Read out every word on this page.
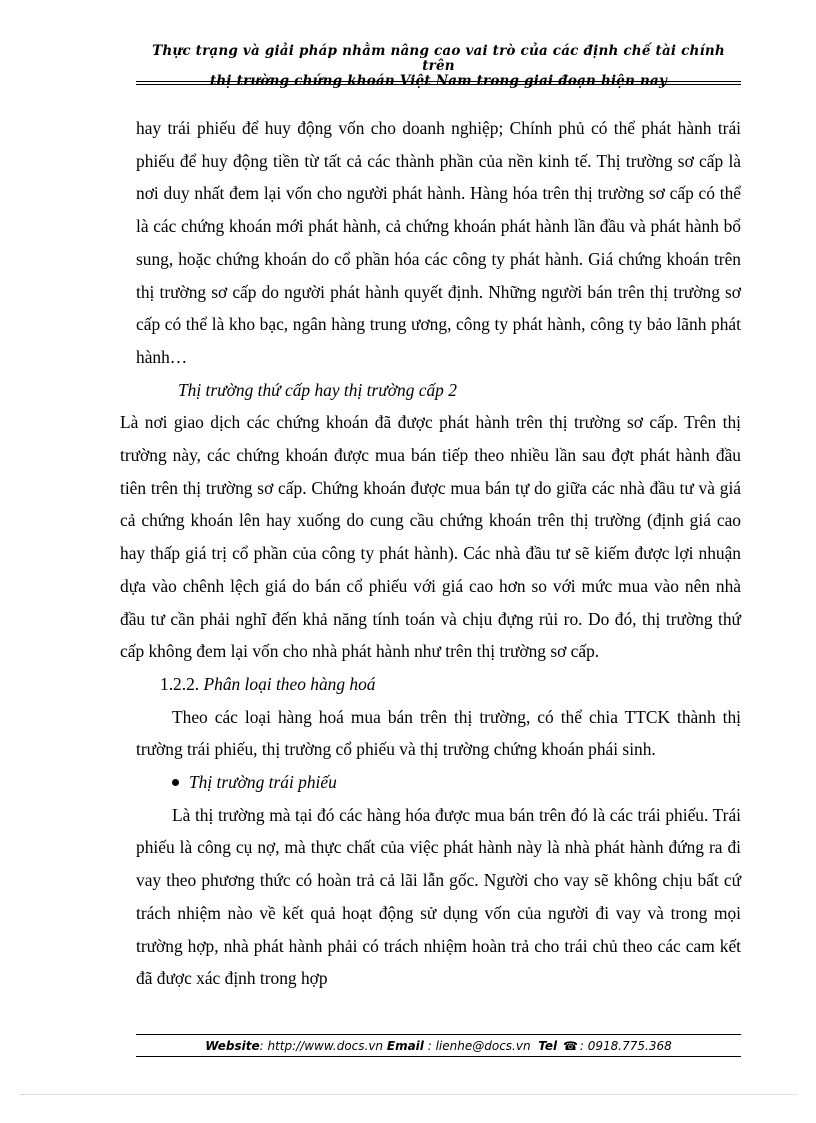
Thực trạng và giải pháp nhằm nâng cao vai trò của các định chế tài chính trên
thị trường chứng khoán Việt Nam trong giai đoạn hiện nay

hay trái phiếu để huy động vốn cho doanh nghiệp; Chính phủ có thể phát hành trái phiếu để huy động tiền từ tất cả các thành phần của nền kinh tế. Thị trường sơ cấp là nơi duy nhất đem lại vốn cho người phát hành. Hàng hóa trên thị trường sơ cấp có thể là các chứng khoán mới phát hành, cả chứng khoán phát hành lần đầu và phát hành bổ sung, hoặc chứng khoán do cổ phần hóa các công ty phát hành. Giá chứng khoán trên thị trường sơ cấp do người phát hành quyết định. Những người bán trên thị trường sơ cấp có thể là kho bạc, ngân hàng trung ương, công ty phát hành, công ty bảo lãnh phát hành…

Thị trường thứ cấp hay thị trường cấp 2

Là nơi giao dịch các chứng khoán đã được phát hành trên thị trường sơ cấp. Trên thị trường này, các chứng khoán được mua bán tiếp theo nhiều lần sau đợt phát hành đầu tiên trên thị trường sơ cấp. Chứng khoán được mua bán tự do giữa các nhà đầu tư và giá cả chứng khoán lên hay xuống do cung cầu chứng khoán trên thị trường (định giá cao hay thấp giá trị cổ phần của công ty phát hành). Các nhà đầu tư sẽ kiếm được lợi nhuận dựa vào chênh lệch giá do bán cổ phiếu với giá cao hơn so với mức mua vào nên nhà đầu tư cần phải nghĩ đến khả năng tính toán và chịu đựng rủi ro. Do đó, thị trường thứ cấp không đem lại vốn cho nhà phát hành như trên thị trường sơ cấp.

1.2.2. Phân loại theo hàng hoá

Theo các loại hàng hoá mua bán trên thị trường, có thể chia TTCK thành thị trường trái phiếu, thị trường cổ phiếu và thị trường chứng khoán phái sinh.

Thị trường trái phiếu

Là thị trường mà tại đó các hàng hóa được mua bán trên đó là các trái phiếu. Trái phiếu là công cụ nợ, mà thực chất của việc phát hành này là nhà phát hành đứng ra đi vay theo phương thức có hoàn trả cả lãi lẫn gốc. Người cho vay sẽ không chịu bất cứ trách nhiệm nào về kết quả hoạt động sử dụng vốn của người đi vay và trong mọi trường hợp, nhà phát hành phải có trách nhiệm hoàn trả cho trái chủ theo các cam kết đã được xác định trong hợp

Website: http://www.docs.vn Email : lienhe@docs.vn Tel ☎ : 0918.775.368
